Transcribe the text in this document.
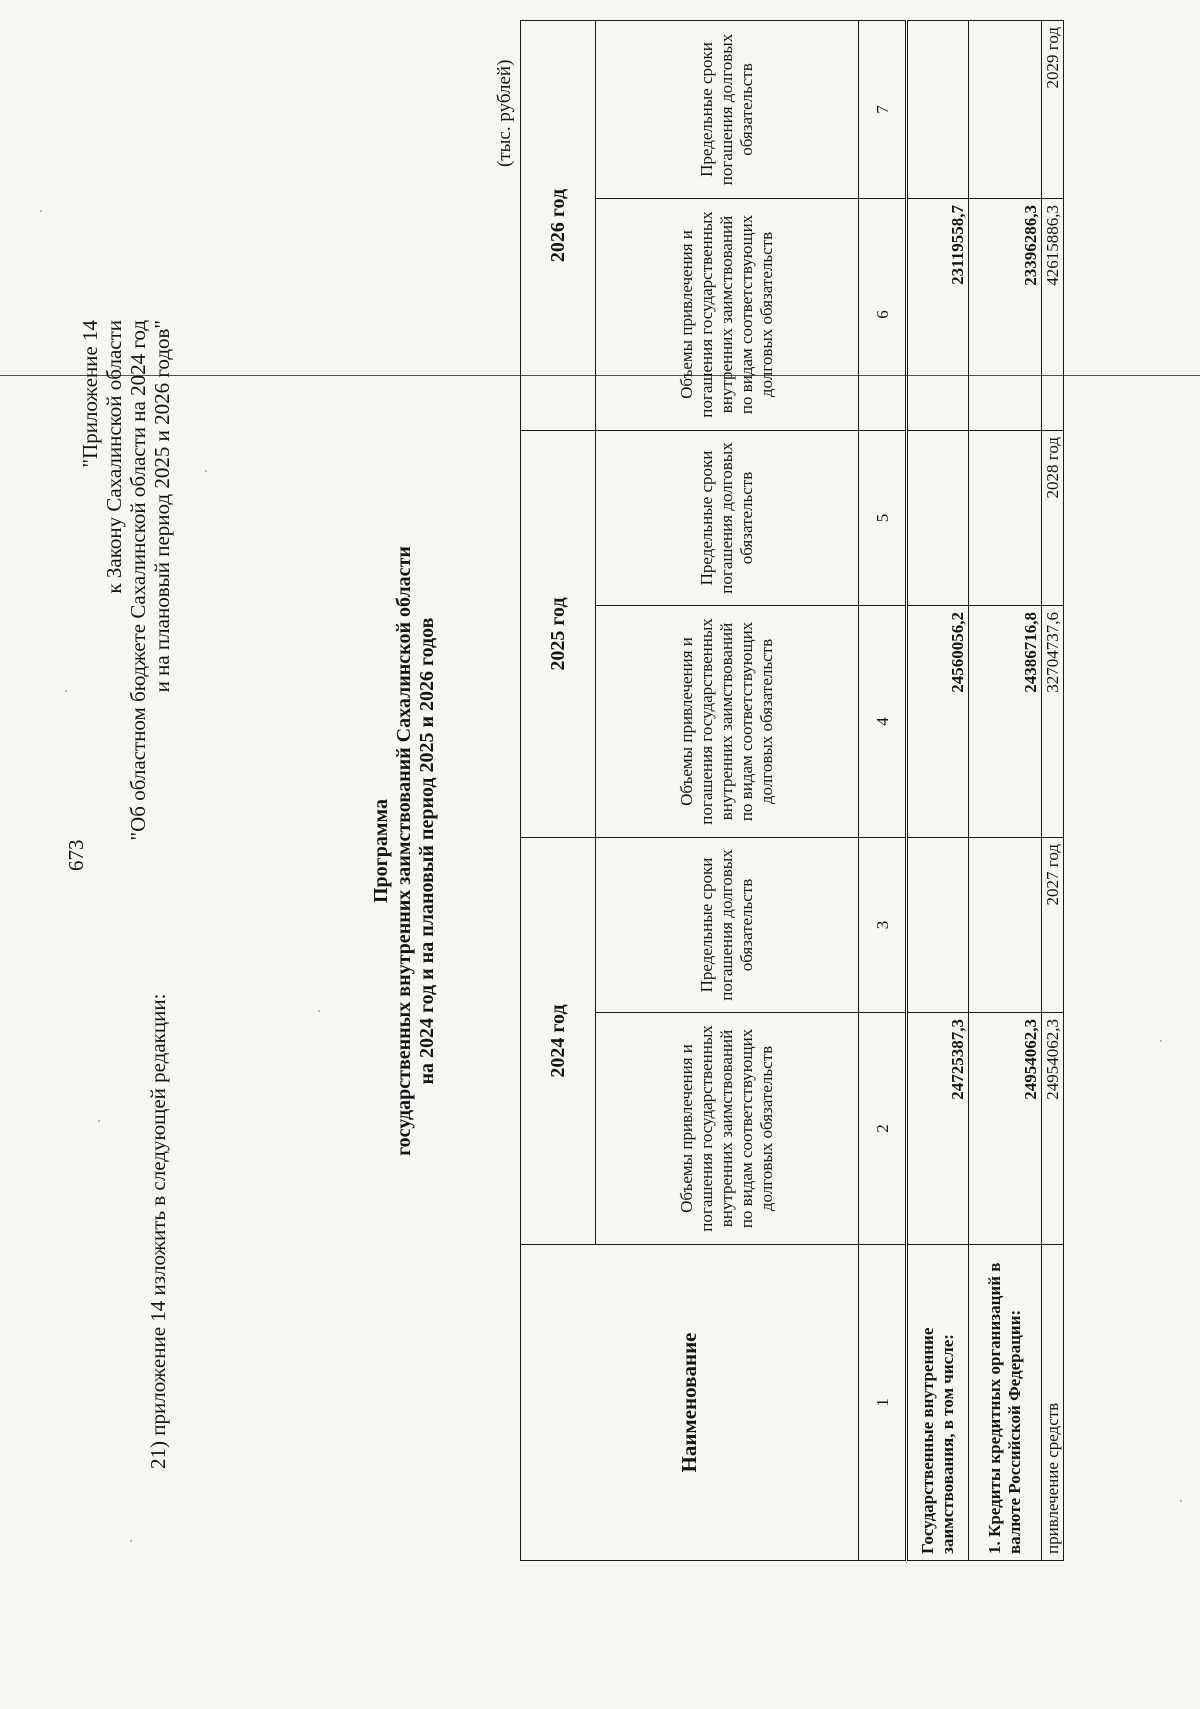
673
21) приложение 14 изложить в следующей редакции:
"Приложение 14 к Закону Сахалинской области "Об областном бюджете Сахалинской области на 2024 год и на плановый период 2025 и 2026 годов"
Программа государственных внутренних заимствований Сахалинской области на 2024 год и на плановый период 2025 и 2026 годов
(тыс. рублей)
Наименование	2024 год		2025 год		2026 год	
	Объемы привлечения и погашения государственных внутренних заимствований по видам соответствующих долговых обязательств	Предельные сроки погашения долговых обязательств	Объемы привлечения и погашения государственных внутренних заимствований по видам соответствующих долговых обязательств	Предельные сроки погашения долговых обязательств	Объемы привлечения и погашения государственных внутренних заимствований по видам соответствующих долговых обязательств	Предельные сроки погашения долговых обязательств
1	2	3	4	5	6	7
Государственные внутренние заимствования, в том числе:	24725387,3		24560056,2		23119558,7	
1. Кредиты кредитных организаций в валюте Российской Федерации:	24954062,3		24386716,8		23396286,3	
привлечение средств	24954062,3	2027 год	32704737,6	2028 год	42615886,3	2029 год
